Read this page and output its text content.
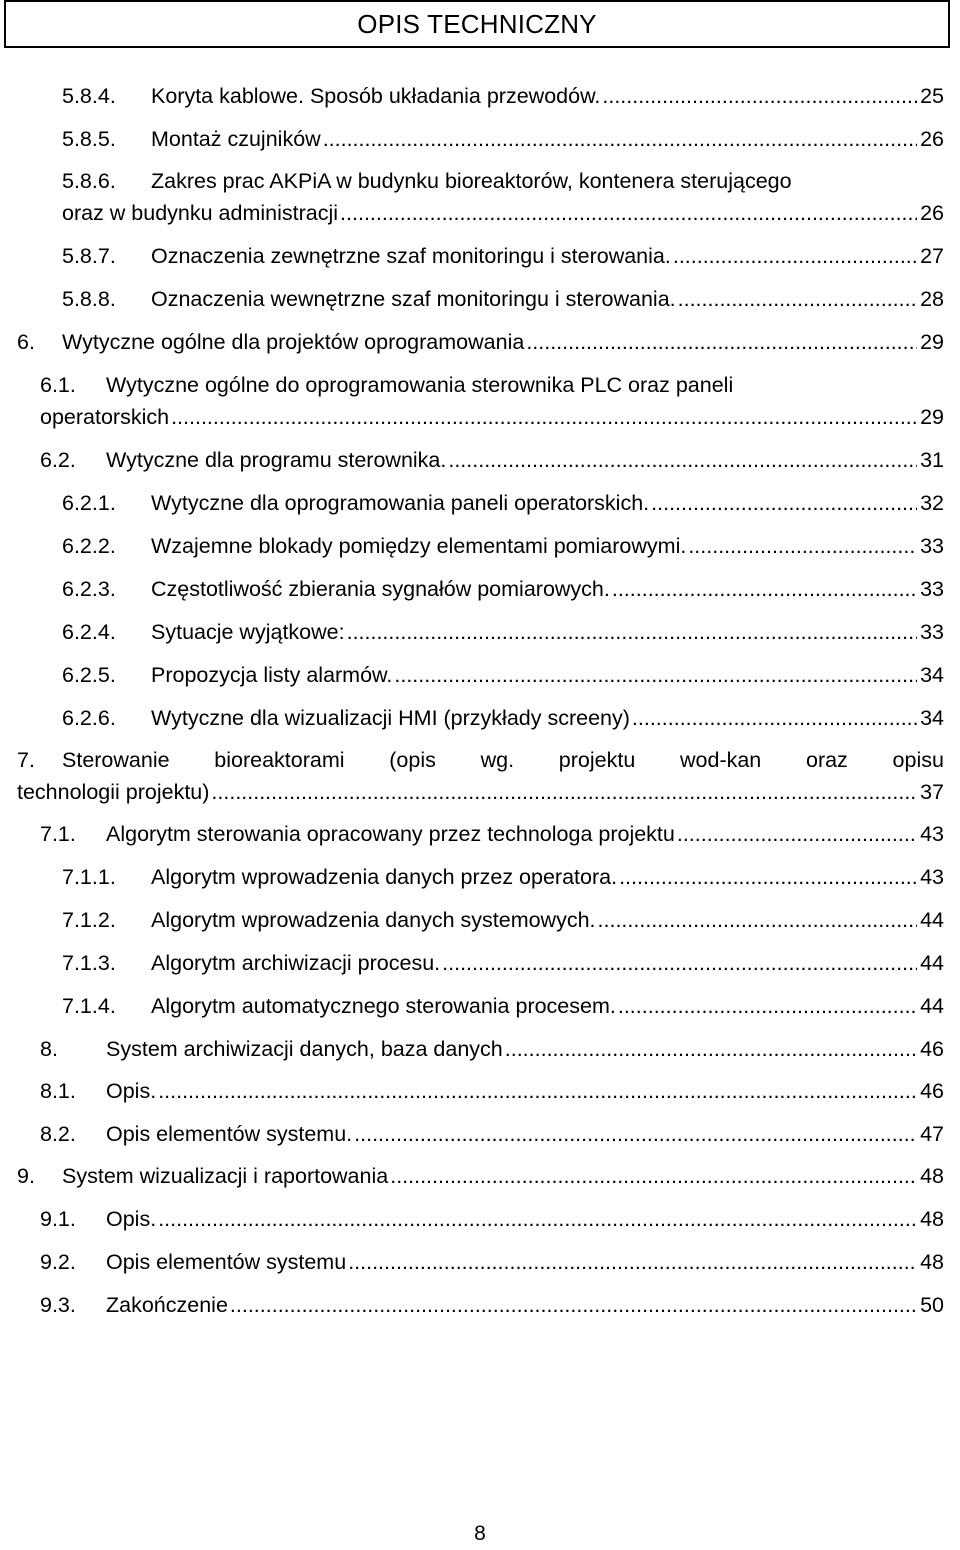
OPIS TECHNICZNY
5.8.4. Koryta kablowe. Sposób układania przewodów. .....	25
5.8.5. Montaż czujników .....	26
5.8.6. Zakres prac AKPiA w budynku bioreaktorów, kontenera sterującego
oraz w budynku administracji .....	26
5.8.7. Oznaczenia zewnętrzne szaf monitoringu i sterowania. .....	27
5.8.8. Oznaczenia wewnętrzne szaf monitoringu i sterowania. .....	28
6. Wytyczne ogólne dla projektów oprogramowania .....	29
6.1. Wytyczne ogólne do oprogramowania sterownika PLC oraz paneli
operatorskich .....	29
6.2. Wytyczne dla programu sterownika. .....	31
6.2.1. Wytyczne dla oprogramowania paneli operatorskich. .....	32
6.2.2. Wzajemne blokady pomiędzy elementami pomiarowymi. .....	33
6.2.3. Częstotliwość zbierania sygnałów pomiarowych. .....	33
6.2.4. Sytuacje wyjątkowe: .....	33
6.2.5. Propozycja listy alarmów. .....	34
6.2.6. Wytyczne dla wizualizacji HMI (przykłady screeny) .....	34
7. Sterowanie bioreaktorami (opis wg. projektu wod-kan oraz opisu
technologii projektu) .....	37
7.1. Algorytm sterowania opracowany przez technologa projektu .....	43
7.1.1. Algorytm wprowadzenia danych przez operatora. .....	43
7.1.2. Algorytm wprowadzenia danych systemowych. .....	44
7.1.3. Algorytm archiwizacji procesu. .....	44
7.1.4. Algorytm automatycznego sterowania procesem. .....	44
8. System archiwizacji danych, baza danych .....	46
8.1. Opis. .....	46
8.2. Opis elementów systemu. .....	47
9. System wizualizacji i raportowania .....	48
9.1. Opis. .....	48
9.2. Opis elementów systemu .....	48
9.3. Zakończenie .....	50
8
